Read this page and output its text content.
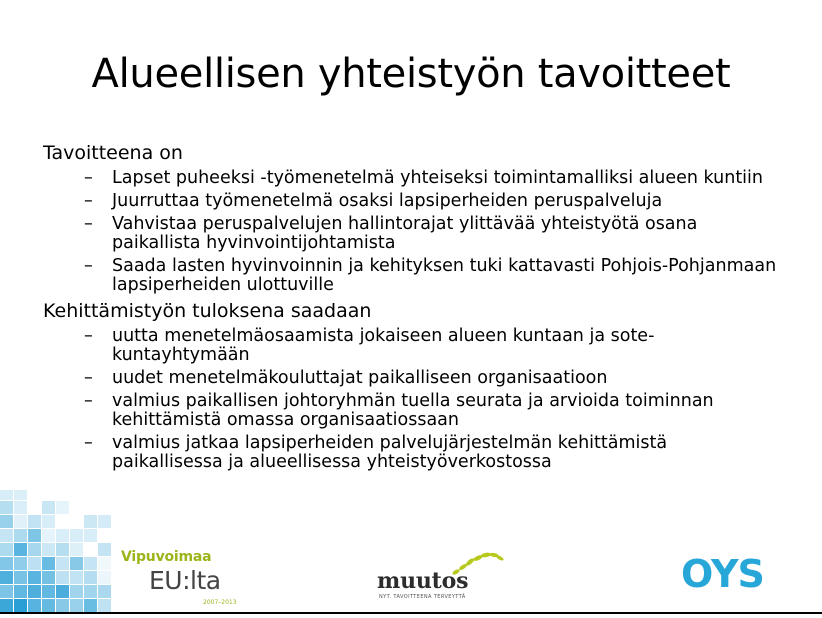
Alueellisen yhteistyön tavoitteet
Tavoitteena on
– Lapset puheeksi -työmenetelmä yhteiseksi toimintamalliksi alueen kuntiin
– Juurruttaa työmenetelmä osaksi lapsiperheiden peruspalveluja
– Vahvistaa peruspalvelujen hallintorajat ylittävää yhteistyötä osana paikallista hyvinvointijohtamista
– Saada lasten hyvinvoinnin ja kehityksen tuki kattavasti Pohjois-Pohjanmaan lapsiperheiden ulottuville
Kehittämistyön tuloksena saadaan
– uutta menetelmäosaamista jokaiseen alueen kuntaan ja sote-kuntayhtymään
– uudet menetelmäkouluttajat paikalliseen organisaatioon
– valmius paikallisen johtoryhmän tuella seurata ja arvioida toiminnan kehittämistä omassa organisaatiossaan
– valmius jatkaa lapsiperheiden palvelujärjestelmän kehittämistä paikallisessa ja alueellisessa yhteistyöverkostossa
Vipuvoimaa
EU:lta
2007–2013
muutos
NYT. TAVOITTEENA TERVEYTTÄ
OYS
